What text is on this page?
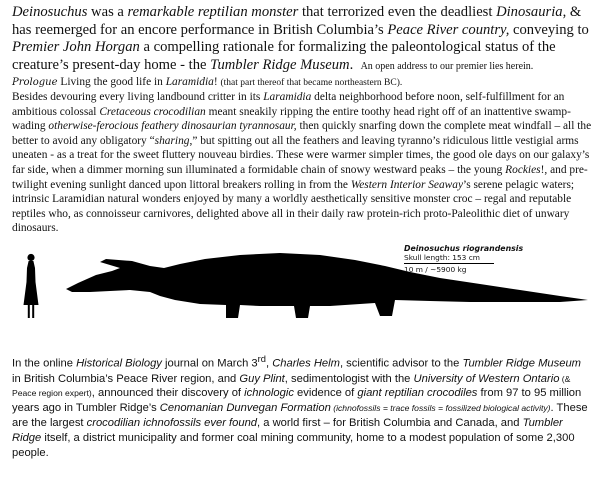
Deinosuchus was a remarkable reptilian monster that terrorized even the deadliest Dinosauria, & has reemerged for an encore performance in British Columbia’s Peace River country, conveying to Premier John Horgan a compelling rationale for formalizing the paleontological status of the creature’s present-day home - the Tumbler Ridge Museum. An open address to our premier lies herein.
Prologue Living the good life in Laramidia! (that part thereof that became northeastern BC).
Besides devouring every living landbound critter in its Laramidia delta neighborhood before noon, self-fulfillment for an ambitious colossal Cretaceous crocodilian meant sneakily ripping the entire toothy head right off of an inattentive swamp-wading otherwise-ferocious feathery dinosaurian tyrannosaur, then quickly snarfing down the complete meat windfall – all the better to avoid any obligatory “sharing,” but spitting out all the feathers and leaving tyranno’s ridiculous little vestigial arms uneaten - as a treat for the sweet fluttery nouveau birdies. These were warmer simpler times, the good ole days on our galaxy’s far side, when a dimmer morning sun illuminated a formidable chain of snowy westward peaks – the young Rockies!, and pre-twilight evening sunlight danced upon littoral breakers rolling in from the Western Interior Seaway’s serene pelagic waters; intrinsic Laramidian natural wonders enjoyed by many a worldly aesthetically sensitive monster croc – regal and reputable reptiles who, as connoisseur carnivores, delighted above all in their daily raw protein-rich proto-Paleolithic diet of unwary dinosaurs.
Deinosuchus riograndensis
Skull length: 153 cm
10 m / ~5900 kg
In the online Historical Biology journal on March 3rd, Charles Helm, scientific advisor to the Tumbler Ridge Museum in British Columbia’s Peace River region, and Guy Plint, sedimentologist with the University of Western Ontario (& Peace region expert), announced their discovery of ichnologic evidence of giant reptilian crocodiles from 97 to 95 million years ago in Tumbler Ridge’s Cenomanian Dunvegan Formation (ichnofossils = trace fossils = fossilized biological activity). These are the largest crocodilian ichnofossils ever found, a world first – for British Columbia and Canada, and Tumbler Ridge itself, a district municipality and former coal mining community, home to a modest population of some 2,300 people.
